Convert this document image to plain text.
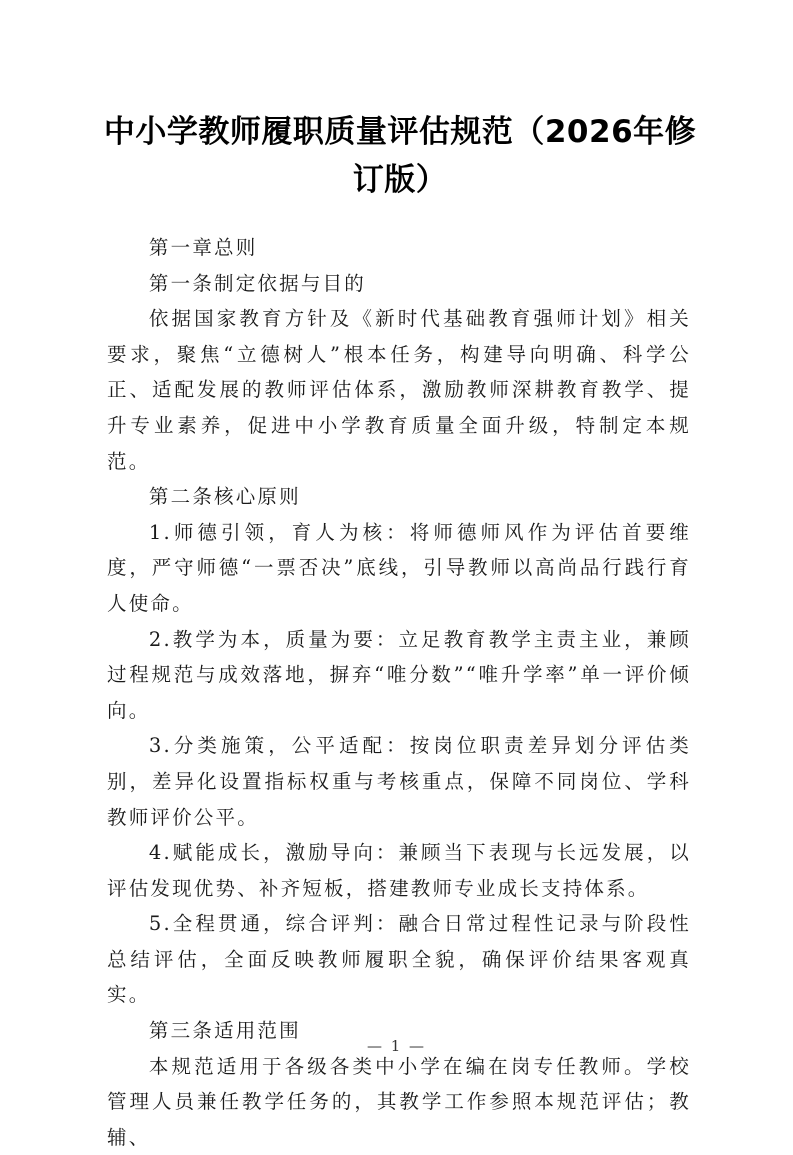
中小学教师履职质量评估规范（2026年修订版）

第一章总则

第一条制定依据与目的

依据国家教育方针及《新时代基础教育强师计划》相关要求，聚焦“立德树人”根本任务，构建导向明确、科学公正、适配发展的教师评估体系，激励教师深耕教育教学、提升专业素养，促进中小学教育质量全面升级，特制定本规范。

第二条核心原则

1.师德引领，育人为核：将师德师风作为评估首要维度，严守师德“一票否决”底线，引导教师以高尚品行践行育人使命。

2.教学为本，质量为要：立足教育教学主责主业，兼顾过程规范与成效落地，摒弃“唯分数”“唯升学率”单一评价倾向。

3.分类施策，公平适配：按岗位职责差异划分评估类别，差异化设置指标权重与考核重点，保障不同岗位、学科教师评价公平。

4.赋能成长，激励导向：兼顾当下表现与长远发展，以评估发现优势、补齐短板，搭建教师专业成长支持体系。

5.全程贯通，综合评判：融合日常过程性记录与阶段性总结评估，全面反映教师履职全貌，确保评价结果客观真实。

第三条适用范围

本规范适用于各级各类中小学在编在岗专任教师。学校管理人员兼任教学任务的，其教学工作参照本规范评估；教辅、

— 1 —
